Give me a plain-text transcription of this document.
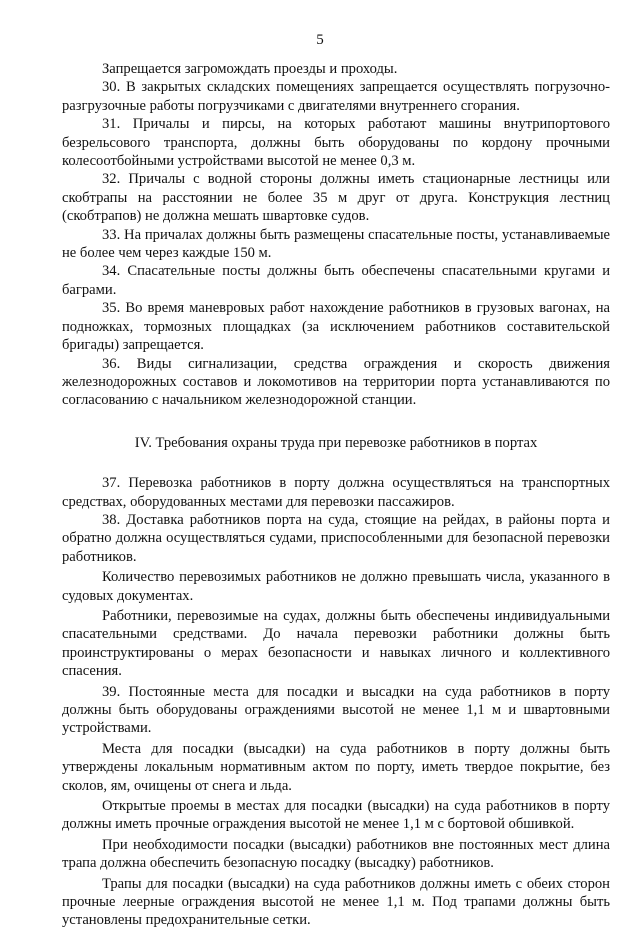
5

Запрещается загромождать проезды и проходы.

30. В закрытых складских помещениях запрещается осуществлять погрузочно-разгрузочные работы погрузчиками с двигателями внутреннего сгорания.

31. Причалы и пирсы, на которых работают машины внутрипортового безрельсового транспорта, должны быть оборудованы по кордону прочными колесоотбойными устройствами высотой не менее 0,3 м.

32. Причалы с водной стороны должны иметь стационарные лестницы или скобтрапы на расстоянии не более 35 м друг от друга. Конструкция лестниц (скобтрапов) не должна мешать швартовке судов.

33. На причалах должны быть размещены спасательные посты, устанавливаемые не более чем через каждые 150 м.

34. Спасательные посты должны быть обеспечены спасательными кругами и баграми.

35. Во время маневровых работ нахождение работников в грузовых вагонах, на подножках, тормозных площадках (за исключением работников составительской бригады) запрещается.

36. Виды сигнализации, средства ограждения и скорость движения железнодорожных составов и локомотивов на территории порта устанавливаются по согласованию с начальником железнодорожной станции.

IV. Требования охраны труда при перевозке работников в портах

37. Перевозка работников в порту должна осуществляться на транспортных средствах, оборудованных местами для перевозки пассажиров.

38. Доставка работников порта на суда, стоящие на рейдах, в районы порта и обратно должна осуществляться судами, приспособленными для безопасной перевозки работников.

Количество перевозимых работников не должно превышать числа, указанного в судовых документах.

Работники, перевозимые на судах, должны быть обеспечены индивидуальными спасательными средствами. До начала перевозки работники должны быть проинструктированы о мерах безопасности и навыках личного и коллективного спасения.

39. Постоянные места для посадки и высадки на суда работников в порту должны быть оборудованы ограждениями высотой не менее 1,1 м и швартовными устройствами.

Места для посадки (высадки) на суда работников в порту должны быть утверждены локальным нормативным актом по порту, иметь твердое покрытие, без сколов, ям, очищены от снега и льда.

Открытые проемы в местах для посадки (высадки) на суда работников в порту должны иметь прочные ограждения высотой не менее 1,1 м с бортовой обшивкой.

При необходимости посадки (высадки) работников вне постоянных мест длина трапа должна обеспечить безопасную посадку (высадку) работников.

Трапы для посадки (высадки) на суда работников должны иметь с обеих сторон прочные леерные ограждения высотой не менее 1,1 м. Под трапами должны быть установлены предохранительные сетки.
